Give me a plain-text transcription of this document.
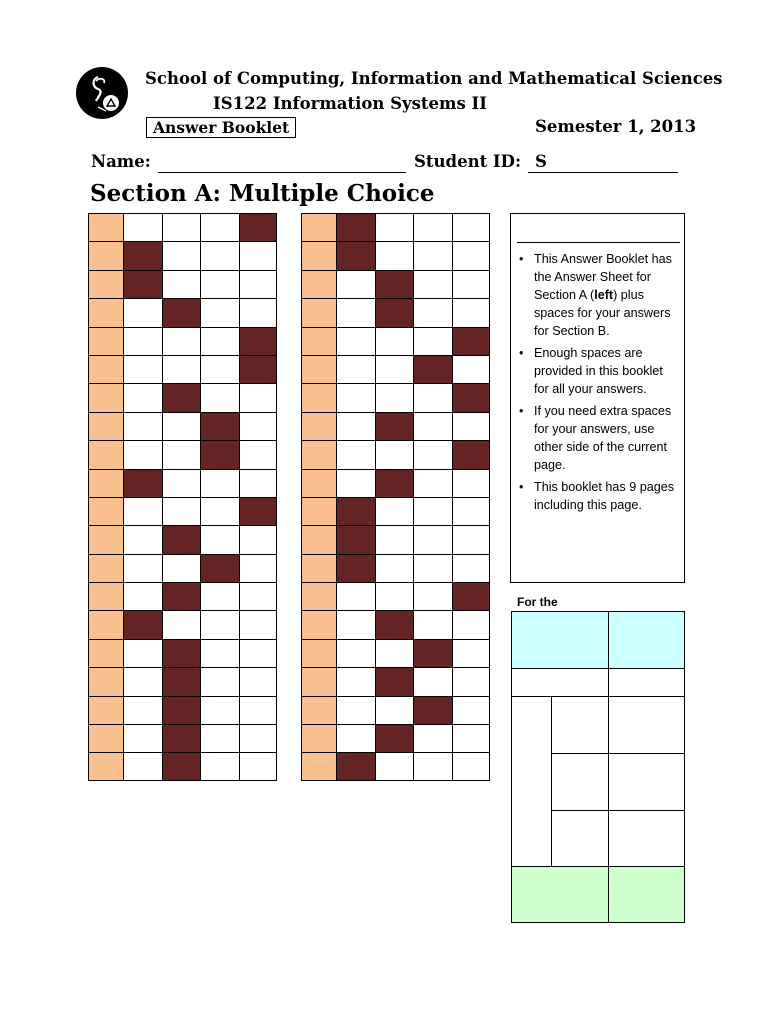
School of Computing, Information and Mathematical Sciences
IS122 Information Systems II
Answer Booklet	Semester 1, 2013
Name:	Student ID: S
Section A: Multiple Choice
• This Answer Booklet has the Answer Sheet for Section A (left) plus spaces for your answers for Section B.
• Enough spaces are provided in this booklet for all your answers.
• If you need extra spaces for your answers, use other side of the current page.
• This booklet has 9 pages including this page.
For the
